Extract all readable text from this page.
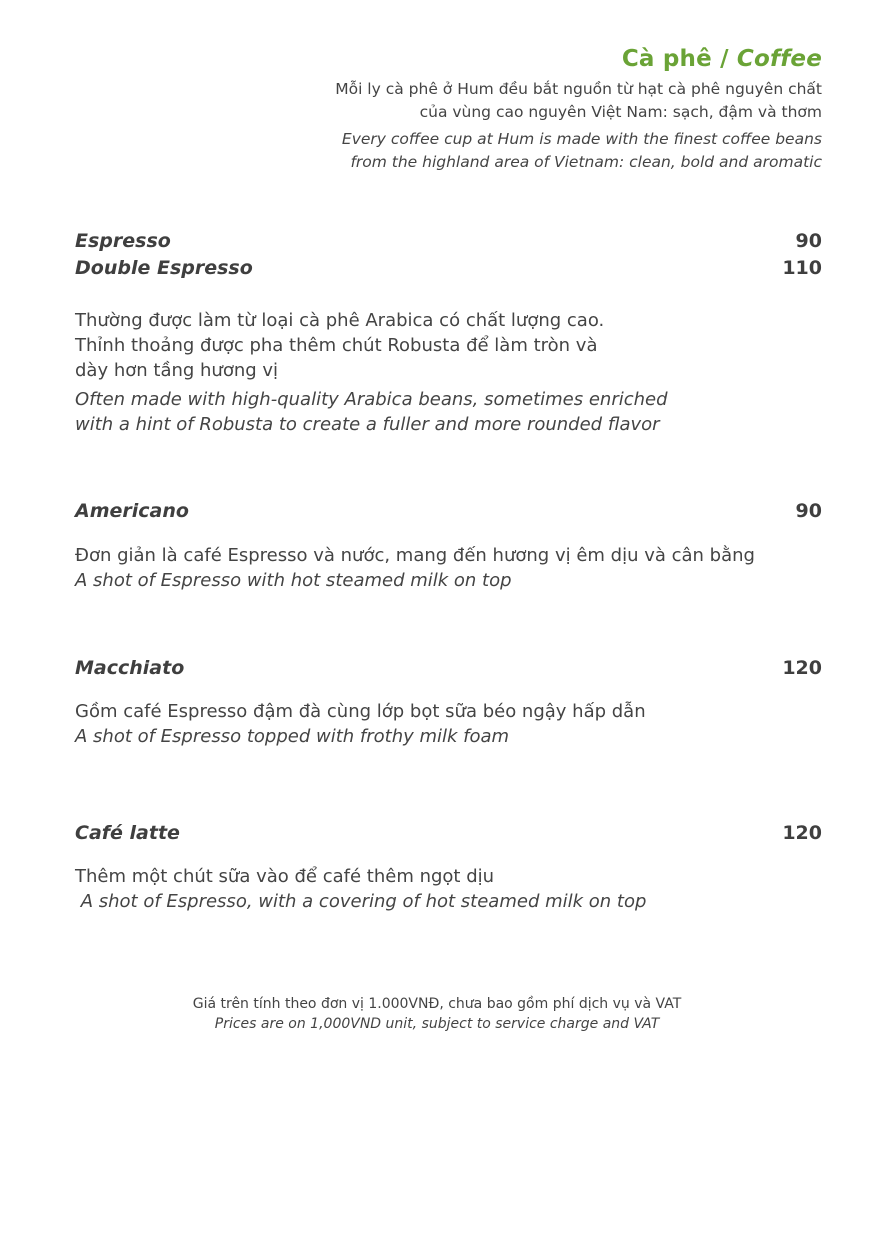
Cà phê / Coffee
Mỗi ly cà phê ở Hum đều bắt nguồn từ hạt cà phê nguyên chất
của vùng cao nguyên Việt Nam: sạch, đậm và thơm
Every coffee cup at Hum is made with the finest coffee beans
from the highland area of Vietnam: clean, bold and aromatic
Espresso	90
Double Espresso	110
Thường được làm từ loại cà phê Arabica có chất lượng cao.
Thỉnh thoảng được pha thêm chút Robusta để làm tròn và
dày hơn tầng hương vị
Often made with high-quality Arabica beans, sometimes enriched
with a hint of Robusta to create a fuller and more rounded flavor
Americano	90
Đơn giản là café Espresso và nước, mang đến hương vị êm dịu và cân bằng
A shot of Espresso with hot steamed milk on top
Macchiato	120
Gồm café Espresso đậm đà cùng lớp bọt sữa béo ngậy hấp dẫn
A shot of Espresso topped with frothy milk foam
Café latte	120
Thêm một chút sữa vào để café thêm ngọt dịu
A shot of Espresso, with a covering of hot steamed milk on top
Giá trên tính theo đơn vị 1.000VNĐ, chưa bao gồm phí dịch vụ và VAT
Prices are on 1,000VND unit, subject to service charge and VAT
